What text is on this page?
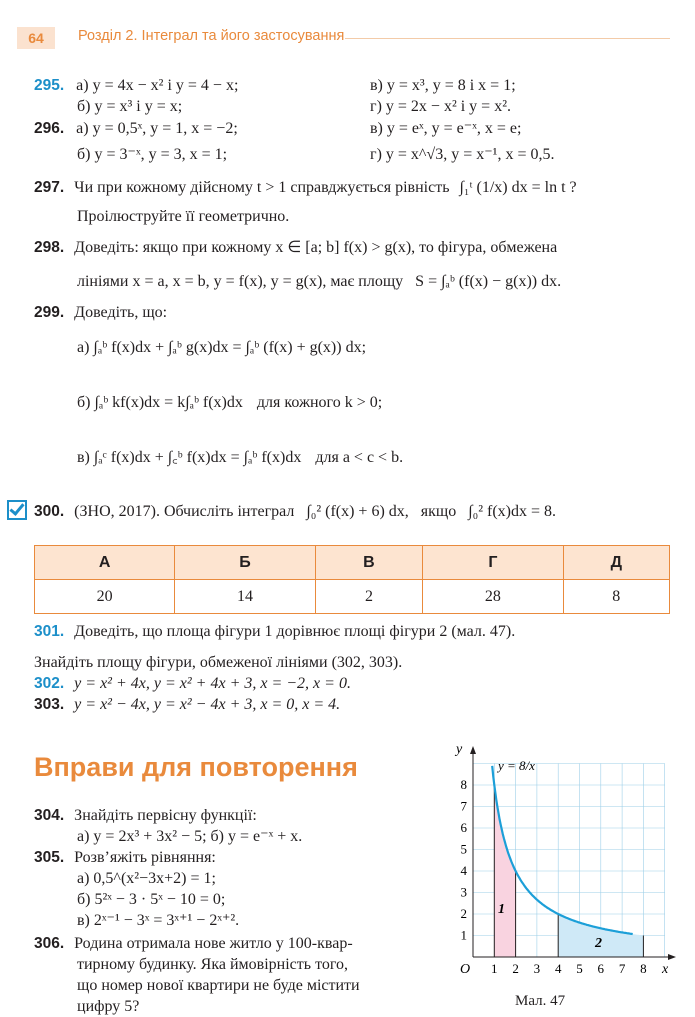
64	Розділ 2. Інтеграл та його застосування
295. а) y = 4x − x² і y = 4 − x;	в) y = x³, y = 8 і x = 1;
б) y = x³ і y = x;	г) y = 2x − x² і y = x².
296. а) y = 0,5ˣ, y = 1, x = −2;	в) y = eˣ, y = e⁻ˣ, x = e;
б) y = 3⁻ˣ, y = 3, x = 1;	г) y = x^√3, y = x⁻¹, x = 0,5.
297. Чи при кожному дійсному t > 1 справджується рівність ∫₁ᵗ (1/x) dx = ln t ?
Проілюструйте її геометрично.
298. Доведіть: якщо при кожному x ∈ [a; b] f(x) > g(x), то фігура, обмежена
лініями x = a, x = b, y = f(x), y = g(x), має площу S = ∫ₐᵇ (f(x) − g(x)) dx.
299. Доведіть, що:
а) ∫ₐᵇ f(x)dx + ∫ₐᵇ g(x)dx = ∫ₐᵇ (f(x) + g(x)) dx;
б) ∫ₐᵇ kf(x)dx = k∫ₐᵇ f(x)dx для кожного k > 0;
в) ∫ₐᶜ f(x)dx + ∫꜀ᵇ f(x)dx = ∫ₐᵇ f(x)dx для a < c < b.
300. (ЗНО, 2017). Обчисліть інтеграл ∫₀² (f(x) + 6) dx, якщо ∫₀² f(x)dx = 8.
А	Б	В	Г	Д
20	14	2	28	8
301. Доведіть, що площа фігури 1 дорівнює площі фігури 2 (мал. 47).
Знайдіть площу фігури, обмеженої лініями (302, 303).
302. y = x² + 4x, y = x² + 4x + 3, x = −2, x = 0.
303. y = x² − 4x, y = x² − 4x + 3, x = 0, x = 4.
Вправи для повторення
304. Знайдіть первісну функції:
а) y = 2x³ + 3x² − 5; б) y = e⁻ˣ + x.
305. Розв’яжіть рівняння:
а) 0,5^(x²−3x+2) = 1;
б) 5²ˣ − 3 · 5ˣ − 10 = 0;
в) 2ˣ⁻¹ − 3ˣ = 3ˣ⁺¹ − 2ˣ⁺².
306. Родина отримала нове житло у 100-квар-
тирному будинку. Яка ймовірність того,
що номер нової квартири не буде містити
цифру 5?
1 2 3 4 5 6 7 8
1
2
3
4
5
6
7
8
O	x
y
y = 8/x
1
2
Мал. 47
